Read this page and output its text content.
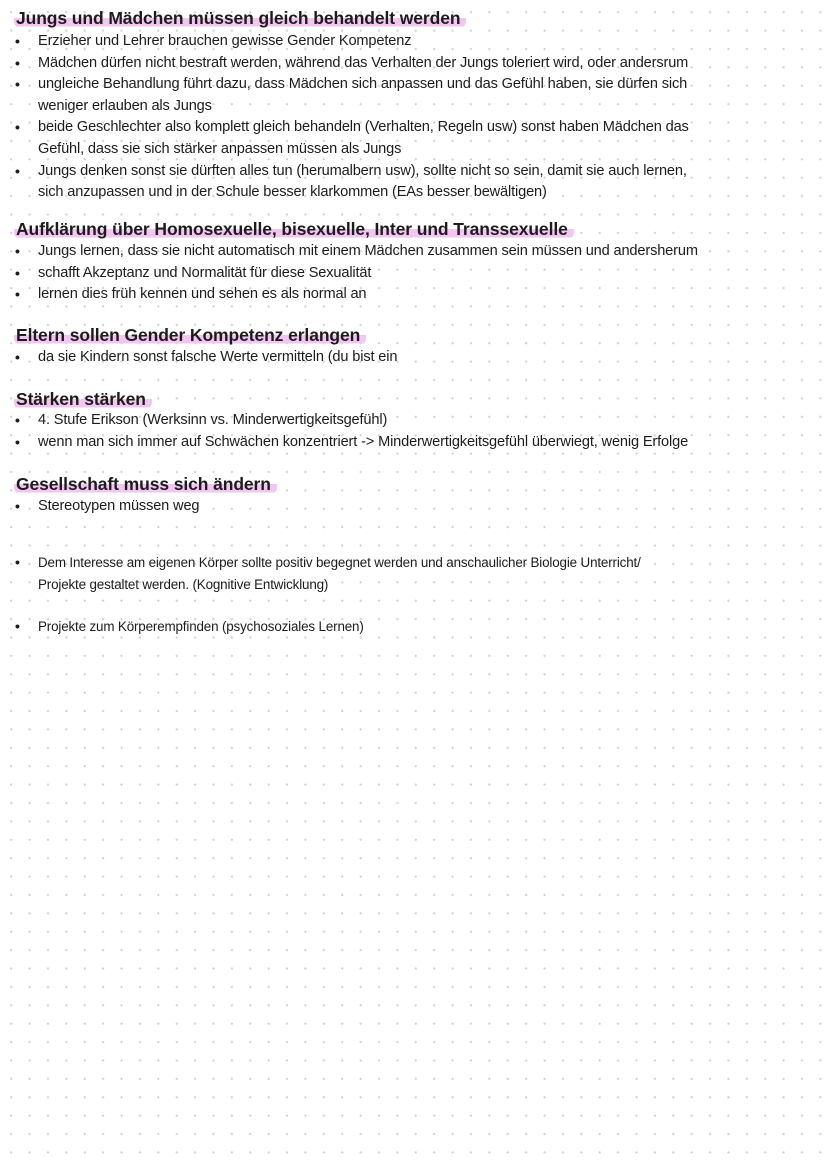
Jungs und Mädchen müssen gleich behandelt werden
• Erzieher und Lehrer brauchen gewisse Gender Kompetenz
• Mädchen dürfen nicht bestraft werden, während das Verhalten der Jungs toleriert wird, oder andersrum
• ungleiche Behandlung führt dazu, dass Mädchen sich anpassen und das Gefühl haben, sie dürfen sich
weniger erlauben als Jungs
• beide Geschlechter also komplett gleich behandeln (Verhalten, Regeln usw) sonst haben Mädchen das
Gefühl, dass sie sich stärker anpassen müssen als Jungs
• Jungs denken sonst sie dürften alles tun (herumalbern usw), sollte nicht so sein, damit sie auch lernen,
sich anzupassen und in der Schule besser klarkommen (EAs besser bewältigen)
Aufklärung über Homosexuelle, bisexuelle, Inter und Transsexuelle
• Jungs lernen, dass sie nicht automatisch mit einem Mädchen zusammen sein müssen und andersherum
• schafft Akzeptanz und Normalität für diese Sexualität
• lernen dies früh kennen und sehen es als normal an
Eltern sollen Gender Kompetenz erlangen
• da sie Kindern sonst falsche Werte vermitteln (du bist ein
Stärken stärken
• 4. Stufe Erikson (Werksinn vs. Minderwertigkeitsgefühl)
• wenn man sich immer auf Schwächen konzentriert -> Minderwertigkeitsgefühl überwiegt, wenig Erfolge
Gesellschaft muss sich ändern
• Stereotypen müssen weg
• Dem Interesse am eigenen Körper sollte positiv begegnet werden und anschaulicher Biologie Unterricht/
Projekte gestaltet werden. (Kognitive Entwicklung)
• Projekte zum Körperempfinden (psychosoziales Lernen)
